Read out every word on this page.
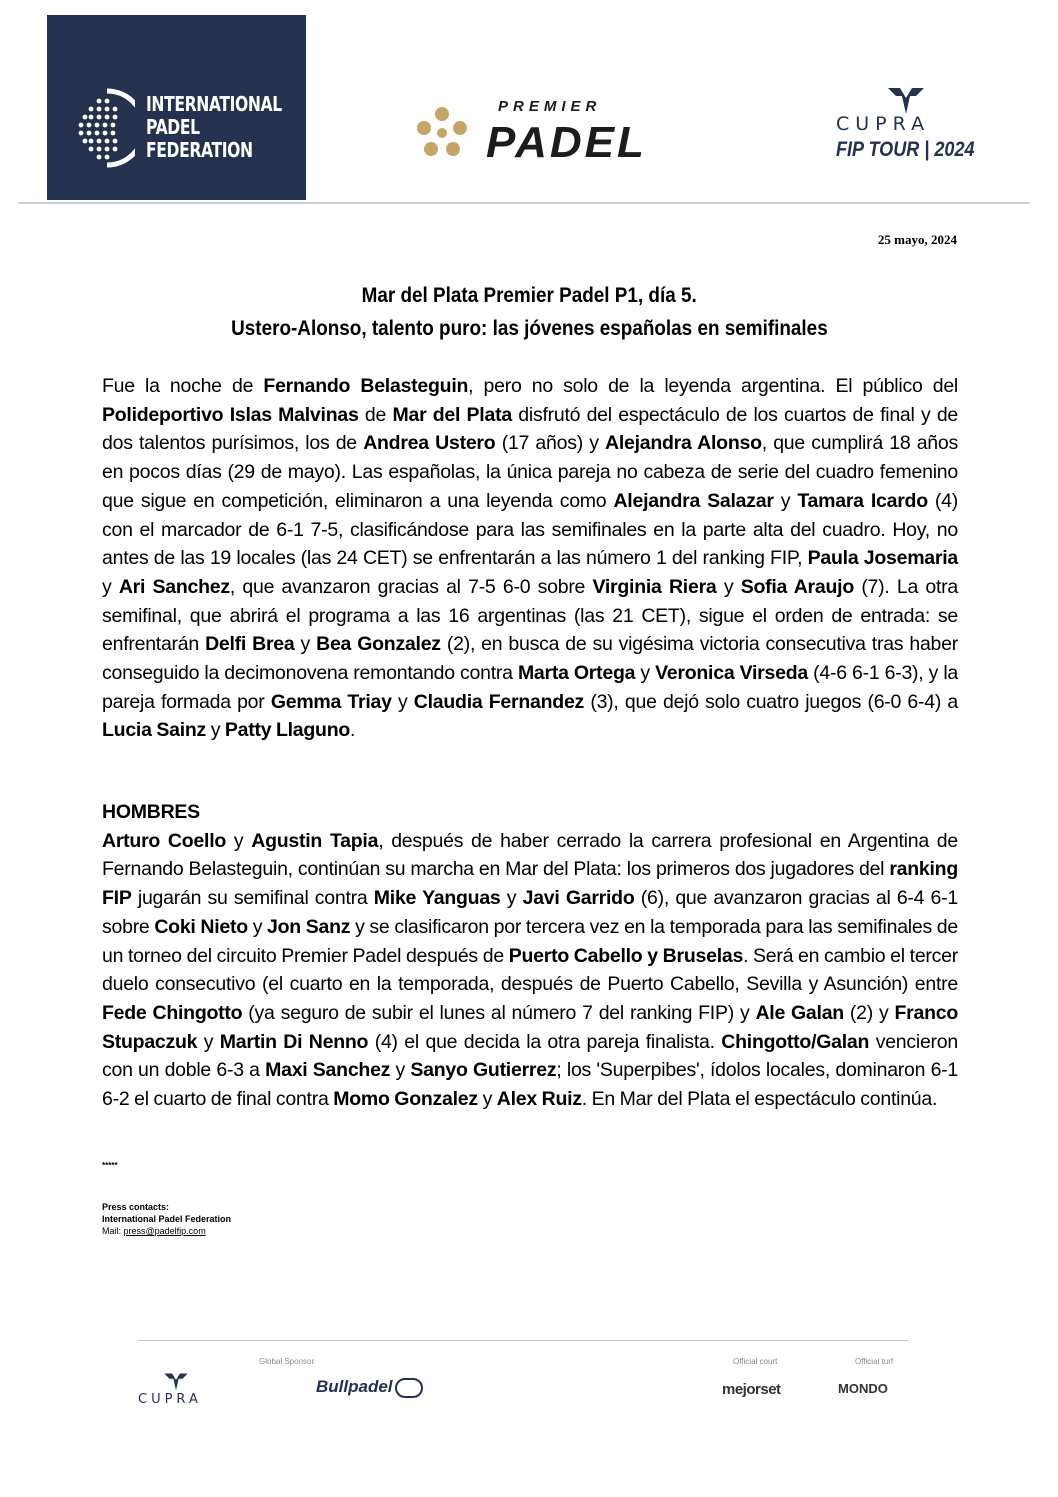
INTERNATIONAL
PADEL
FEDERATION
PREMIER
PADEL	CUPRA
FIP TOUR | 2024
25 mayo, 2024
Mar del Plata Premier Padel P1, día 5.
Ustero-Alonso, talento puro: las jóvenes españolas en semifinales
Fue la noche de Fernando Belasteguin, pero no solo de la leyenda argentina. El público del Polideportivo Islas Malvinas de Mar del Plata disfrutó del espectáculo de los cuartos de final y de dos talentos purísimos, los de Andrea Ustero (17 años) y Alejandra Alonso, que cumplirá 18 años en pocos días (29 de mayo). Las españolas, la única pareja no cabeza de serie del cuadro femenino que sigue en competición, eliminaron a una leyenda como Alejandra Salazar y Tamara Icardo (4) con el marcador de 6-1 7-5, clasificándose para las semifinales en la parte alta del cuadro. Hoy, no antes de las 19 locales (las 24 CET) se enfrentarán a las número 1 del ranking FIP, Paula Josemaria y Ari Sanchez, que avanzaron gracias al 7-5 6-0 sobre Virginia Riera y Sofia Araujo (7). La otra semifinal, que abrirá el programa a las 16 argentinas (las 21 CET), sigue el orden de entrada: se enfrentarán Delfi Brea y Bea Gonzalez (2), en busca de su vigésima victoria consecutiva tras haber conseguido la decimonovena remontando contra Marta Ortega y Veronica Virseda (4-6 6-1 6-3), y la pareja formada por Gemma Triay y Claudia Fernandez (3), que dejó solo cuatro juegos (6-0 6-4) a Lucia Sainz y Patty Llaguno.
HOMBRES
Arturo Coello y Agustin Tapia, después de haber cerrado la carrera profesional en Argentina de Fernando Belasteguin, continúan su marcha en Mar del Plata: los primeros dos jugadores del ranking FIP jugarán su semifinal contra Mike Yanguas y Javi Garrido (6), que avanzaron gracias al 6-4 6-1 sobre Coki Nieto y Jon Sanz y se clasificaron por tercera vez en la temporada para las semifinales de un torneo del circuito Premier Padel después de Puerto Cabello y Bruselas. Será en cambio el tercer duelo consecutivo (el cuarto en la temporada, después de Puerto Cabello, Sevilla y Asunción) entre Fede Chingotto (ya seguro de subir el lunes al número 7 del ranking FIP) y Ale Galan (2) y Franco Stupaczuk y Martin Di Nenno (4) el que decida la otra pareja finalista. Chingotto/Galan vencieron con un doble 6-3 a Maxi Sanchez y Sanyo Gutierrez; los 'Superpibes', ídolos locales, dominaron 6-1 6-2 el cuarto de final contra Momo Gonzalez y Alex Ruiz. En Mar del Plata el espectáculo continúa.
*****
Press contacts:
International Padel Federation
Mail: press@padelfip.com
Global Sponsor	Official court	Official turf
CUPRA
Bullpadel	mejorset	MONDO
